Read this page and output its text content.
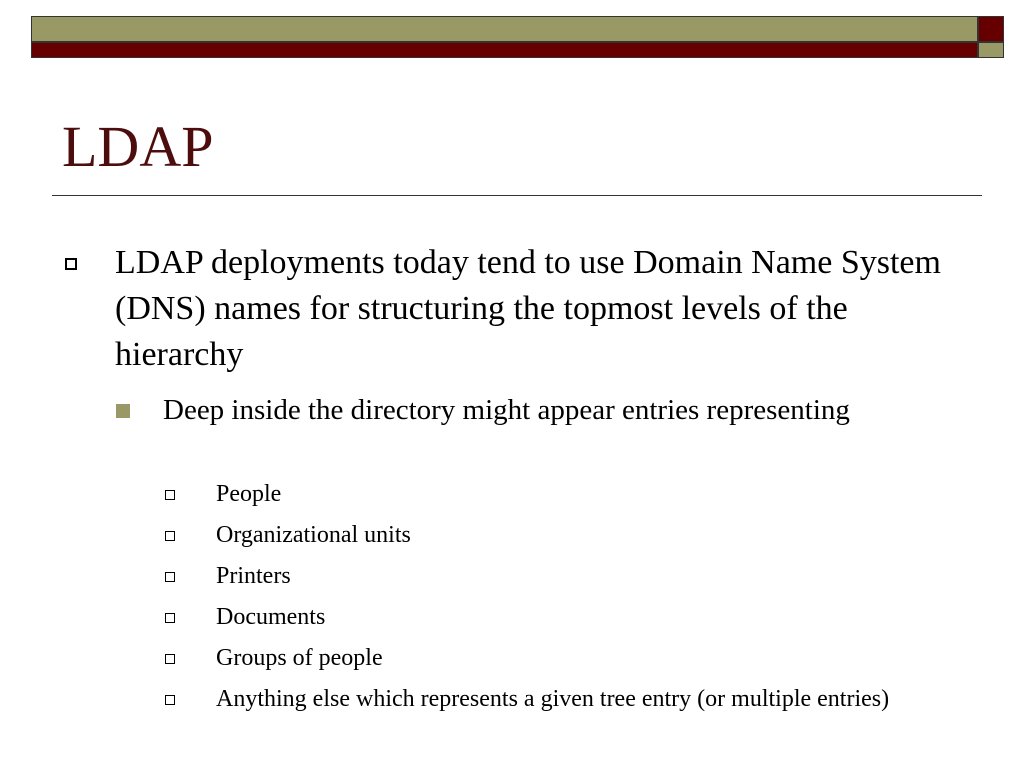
LDAP
LDAP deployments today tend to use Domain Name System (DNS) names for structuring the topmost levels of the hierarchy
Deep inside the directory might appear entries representing
People
Organizational units
Printers
Documents
Groups of people
Anything else which represents a given tree entry (or multiple entries)
